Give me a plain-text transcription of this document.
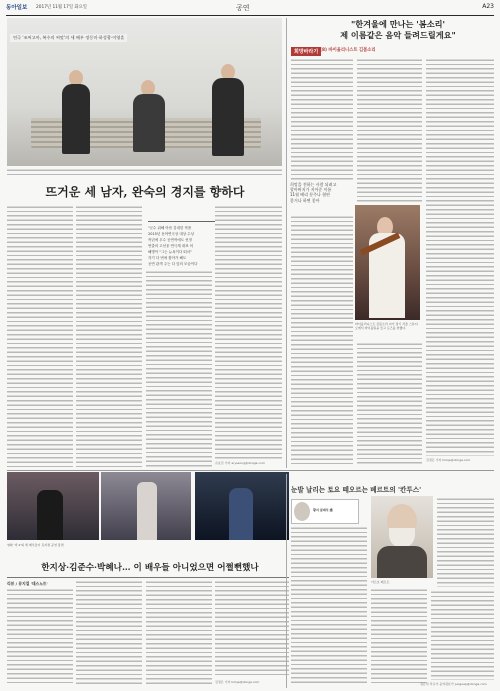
동아일보 2017년 11월 17일 화요일	공연	A23
연극 '조씨고아, 복수의 씨앗'의 세 배우 정동미·하성광·이영훈
뜨거운 세 남자, 완숙의 경지를 향하다
"군수 위해 아픔 감내한 작품
2015년 동아연극상 대상 수상
작년에 우수 공연작에도 선정
연출의 고선웅 연극계 대표 어
해병이 "그는 뉴욕이다 떠서"
각기 다 번에 찾아가 해도
공연 관객 주는 다 앞의 모습이다
손효림 기자 aryssong@donga.com
"한겨울에 만나는 '봄소리'
제 이름같은 음악 들려드릴게요"
희망바라기 (8) 바이올리니스트 김봄소리
희망을 전하는 사람 되려고
할아버지가 지어준 이름
11월 베리 분주나 협연
좋거나 하면 좋아
바이올리니스트 김봄소리 씨가 정기 서울 스튜디오에서 바이올린을 들고 포즈를 취했다.
김정은 기자 kimje@donga.com
영화 '빅 2'의 세 배우들이 뮤지컬 공연 장면
한지상·김준수·박혜나… 이 배우들 아니었으면 어쩔뻔했나
리뷰 / 뮤지컬 '데스노트'
김정은 기자 kimje@donga.com
눈발 날리는 토요 떼오르는 베르트의 '칸투스'
황지 클래식 感
아르보 페르트
정은지 작곡가·음악평론가 juoguep@donga.com
